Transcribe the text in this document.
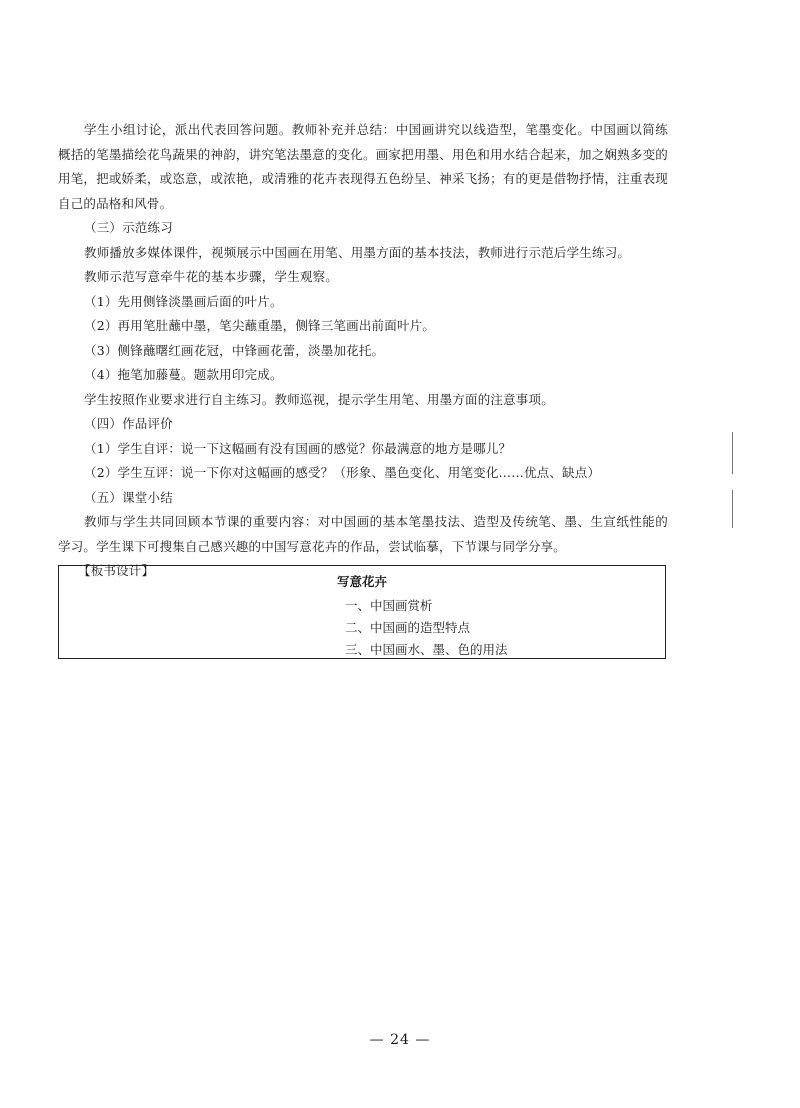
学生小组讨论，派出代表回答问题。教师补充并总结：中国画讲究以线造型，笔墨变化。中国画以简练概括的笔墨描绘花鸟蔬果的神韵，讲究笔法墨意的变化。画家把用墨、用色和用水结合起来，加之娴熟多变的用笔，把或娇柔，或恣意，或浓艳，或清雅的花卉表现得五色纷呈、神采飞扬；有的更是借物抒情，注重表现自己的品格和风骨。

（三）示范练习

教师播放多媒体课件，视频展示中国画在用笔、用墨方面的基本技法，教师进行示范后学生练习。

教师示范写意牵牛花的基本步骤，学生观察。

（1）先用侧锋淡墨画后面的叶片。

（2）再用笔肚蘸中墨，笔尖蘸重墨，侧锋三笔画出前面叶片。

（3）侧锋蘸曙红画花冠，中锋画花蕾，淡墨加花托。

（4）拖笔加藤蔓。题款用印完成。

学生按照作业要求进行自主练习。教师巡视，提示学生用笔、用墨方面的注意事项。

（四）作品评价

（1）学生自评：说一下这幅画有没有国画的感觉？你最满意的地方是哪儿？

（2）学生互评：说一下你对这幅画的感受？（形象、墨色变化、用笔变化……优点、缺点）

（五）课堂小结

教师与学生共同回顾本节课的重要内容：对中国画的基本笔墨技法、造型及传统笔、墨、生宣纸性能的学习。学生课下可搜集自己感兴趣的中国写意花卉的作品，尝试临摹，下节课与同学分享。

【板书设计】

写意花卉
一、中国画赏析
二、中国画的造型特点
三、中国画水、墨、色的用法
— 24 —
